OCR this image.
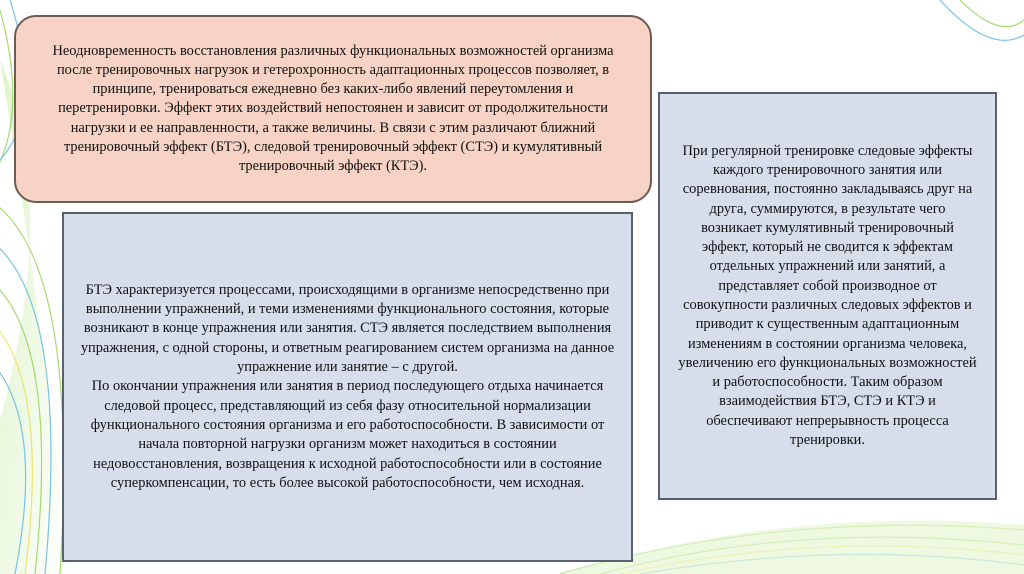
Неодновременность восстановления различных функциональных возможностей организма после тренировочных нагрузок и гетерохронность адаптационных процессов позволяет, в принципе, тренироваться ежедневно без каких-либо явлений переутомления и перетренировки. Эффект этих воздействий непостоянен и зависит от продолжительности нагрузки и ее направленности, а также величины. В связи с этим различают ближний тренировочный эффект (БТЭ), следовой тренировочный эффект (СТЭ) и кумулятивный тренировочный эффект (КТЭ).

БТЭ характеризуется процессами, происходящими в организме непосредственно при выполнении упражнений, и теми изменениями функционального состояния, которые возникают в конце упражнения или занятия. СТЭ является последствием выполнения упражнения, с одной стороны, и ответным реагированием систем организма на данное упражнение или занятие – с другой.
По окончании упражнения или занятия в период последующего отдыха начинается следовой процесс, представляющий из себя фазу относительной нормализации функционального состояния организма и его работоспособности. В зависимости от начала повторной нагрузки организм может находиться в состоянии недовосстановления, возвращения к исходной работоспособности или в состояние суперкомпенсации, то есть более высокой работоспособности, чем исходная.

При регулярной тренировке следовые эффекты каждого тренировочного занятия или соревнования, постоянно закладываясь друг на друга, суммируются, в результате чего возникает кумулятивный тренировочный эффект, который не сводится к эффектам отдельных упражнений или занятий, а представляет собой производное от совокупности различных следовых эффектов и приводит к существенным адаптационным изменениям в состоянии организма человека, увеличению его функциональных возможностей и работоспособности. Таким образом взаимодействия БТЭ, СТЭ и КТЭ и обеспечивают непрерывность процесса тренировки.
